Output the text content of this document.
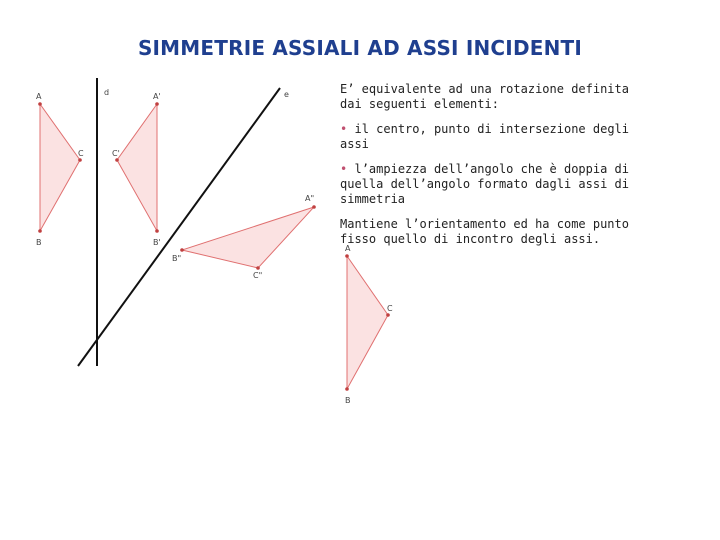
SIMMETRIE ASSIALI AD ASSI INCIDENTI
d	e
A
C
B
A'
C'
B'
A"
B"
C"
A
C
B

E’ equivalente ad una rotazione definita dai seguenti elementi:

• il centro, punto di intersezione degli assi

• l’ampiezza dell’angolo che è doppia di quella dell’angolo formato dagli assi di simmetria

Mantiene l’orientamento ed ha come punto fisso quello di incontro degli assi.
